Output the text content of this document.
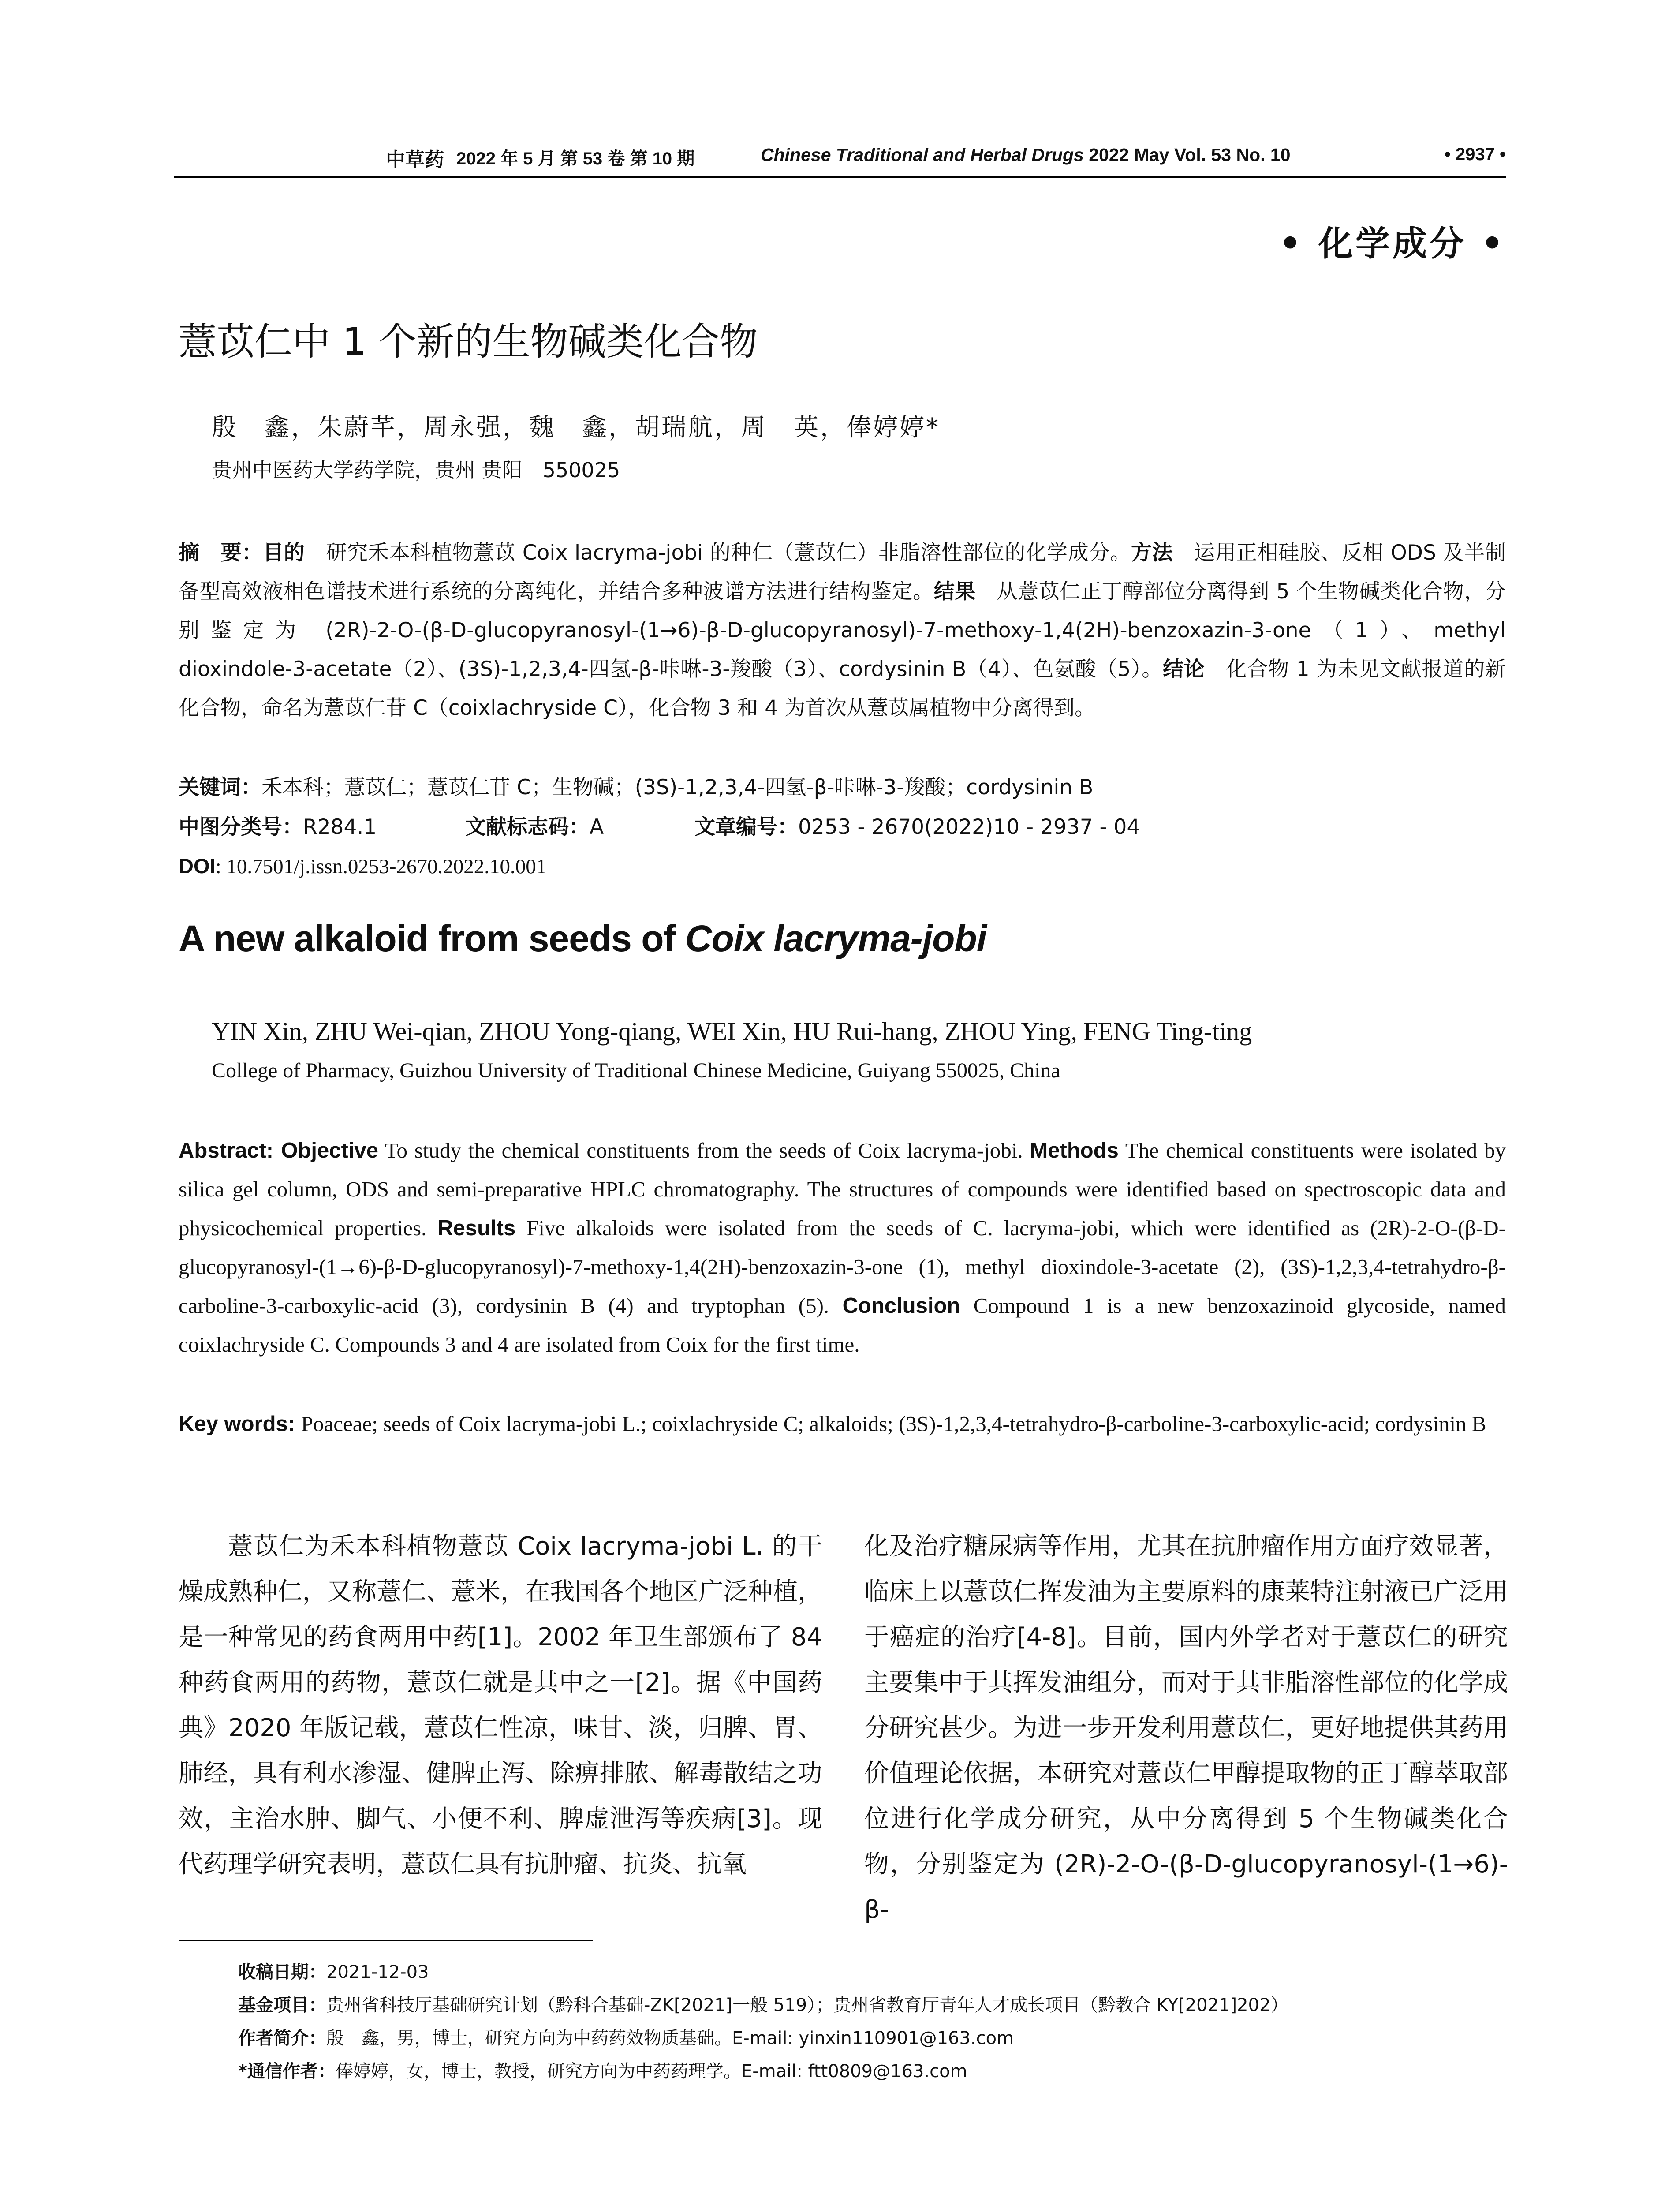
中草药 2022 年 5 月 第 53 卷 第 10 期	Chinese Traditional and Herbal Drugs 2022 May Vol. 53 No. 10	• 2937 •
• 化学成分 •
薏苡仁中 1 个新的生物碱类化合物
殷　鑫，朱蔚芊，周永强，魏　鑫，胡瑞航，周　英，俸婷婷*
贵州中医药大学药学院，贵州 贵阳　550025
摘　要：目的　研究禾本科植物薏苡 Coix lacryma-jobi 的种仁（薏苡仁）非脂溶性部位的化学成分。方法　运用正相硅胶、反相 ODS 及半制备型高效液相色谱技术进行系统的分离纯化，并结合多种波谱方法进行结构鉴定。结果　从薏苡仁正丁醇部位分离得到 5 个生物碱类化合物，分别鉴定为 (2R)-2-O-(β-D-glucopyranosyl-(1→6)-β-D-glucopyranosyl)-7-methoxy-1,4(2H)-benzoxazin-3-one（1）、methyl dioxindole-3-acetate（2）、(3S)-1,2,3,4-四氢-β-咔啉-3-羧酸（3）、cordysinin B（4）、色氨酸（5）。结论　化合物 1 为未见文献报道的新化合物，命名为薏苡仁苷 C（coixlachryside C），化合物 3 和 4 为首次从薏苡属植物中分离得到。
关键词：禾本科；薏苡仁；薏苡仁苷 C；生物碱；(3S)-1,2,3,4-四氢-β-咔啉-3-羧酸；cordysinin B
中图分类号：R284.1	文献标志码：A	文章编号：0253 - 2670(2022)10 - 2937 - 04
DOI: 10.7501/j.issn.0253-2670.2022.10.001
A new alkaloid from seeds of Coix lacryma-jobi
YIN Xin, ZHU Wei-qian, ZHOU Yong-qiang, WEI Xin, HU Rui-hang, ZHOU Ying, FENG Ting-ting
College of Pharmacy, Guizhou University of Traditional Chinese Medicine, Guiyang 550025, China
Abstract: Objective To study the chemical constituents from the seeds of Coix lacryma-jobi. Methods The chemical constituents were isolated by silica gel column, ODS and semi-preparative HPLC chromatography. The structures of compounds were identified based on spectroscopic data and physicochemical properties. Results Five alkaloids were isolated from the seeds of C. lacryma-jobi, which were identified as (2R)-2-O-(β-D-glucopyranosyl-(1→6)-β-D-glucopyranosyl)-7-methoxy-1,4(2H)-benzoxazin-3-one (1), methyl dioxindole-3-acetate (2), (3S)-1,2,3,4-tetrahydro-β-carboline-3-carboxylic-acid (3), cordysinin B (4) and tryptophan (5). Conclusion Compound 1 is a new benzoxazinoid glycoside, named coixlachryside C. Compounds 3 and 4 are isolated from Coix for the first time.
Key words: Poaceae; seeds of Coix lacryma-jobi L.; coixlachryside C; alkaloids; (3S)-1,2,3,4-tetrahydro-β-carboline-3-carboxylic-acid; cordysinin B
薏苡仁为禾本科植物薏苡 Coix lacryma-jobi L. 的干燥成熟种仁，又称薏仁、薏米，在我国各个地区广泛种植，是一种常见的药食两用中药[1]。2002 年卫生部颁布了 84 种药食两用的药物，薏苡仁就是其中之一[2]。据《中国药典》2020 年版记载，薏苡仁性凉，味甘、淡，归脾、胃、肺经，具有利水渗湿、健脾止泻、除痹排脓、解毒散结之功效，主治水肿、脚气、小便不利、脾虚泄泻等疾病[3]。现代药理学研究表明，薏苡仁具有抗肿瘤、抗炎、抗氧
化及治疗糖尿病等作用，尤其在抗肿瘤作用方面疗效显著，临床上以薏苡仁挥发油为主要原料的康莱特注射液已广泛用于癌症的治疗[4-8]。目前，国内外学者对于薏苡仁的研究主要集中于其挥发油组分，而对于其非脂溶性部位的化学成分研究甚少。为进一步开发利用薏苡仁，更好地提供其药用价值理论依据，本研究对薏苡仁甲醇提取物的正丁醇萃取部位进行化学成分研究，从中分离得到 5 个生物碱类化合物，分别鉴定为 (2R)-2-O-(β-D-glucopyranosyl-(1→6)-β-
收稿日期：2021-12-03
基金项目：贵州省科技厅基础研究计划（黔科合基础-ZK[2021]一般 519）；贵州省教育厅青年人才成长项目（黔教合 KY[2021]202）
作者简介：殷　鑫，男，博士，研究方向为中药药效物质基础。E-mail: yinxin110901@163.com
*通信作者：俸婷婷，女，博士，教授，研究方向为中药药理学。E-mail: ftt0809@163.com
